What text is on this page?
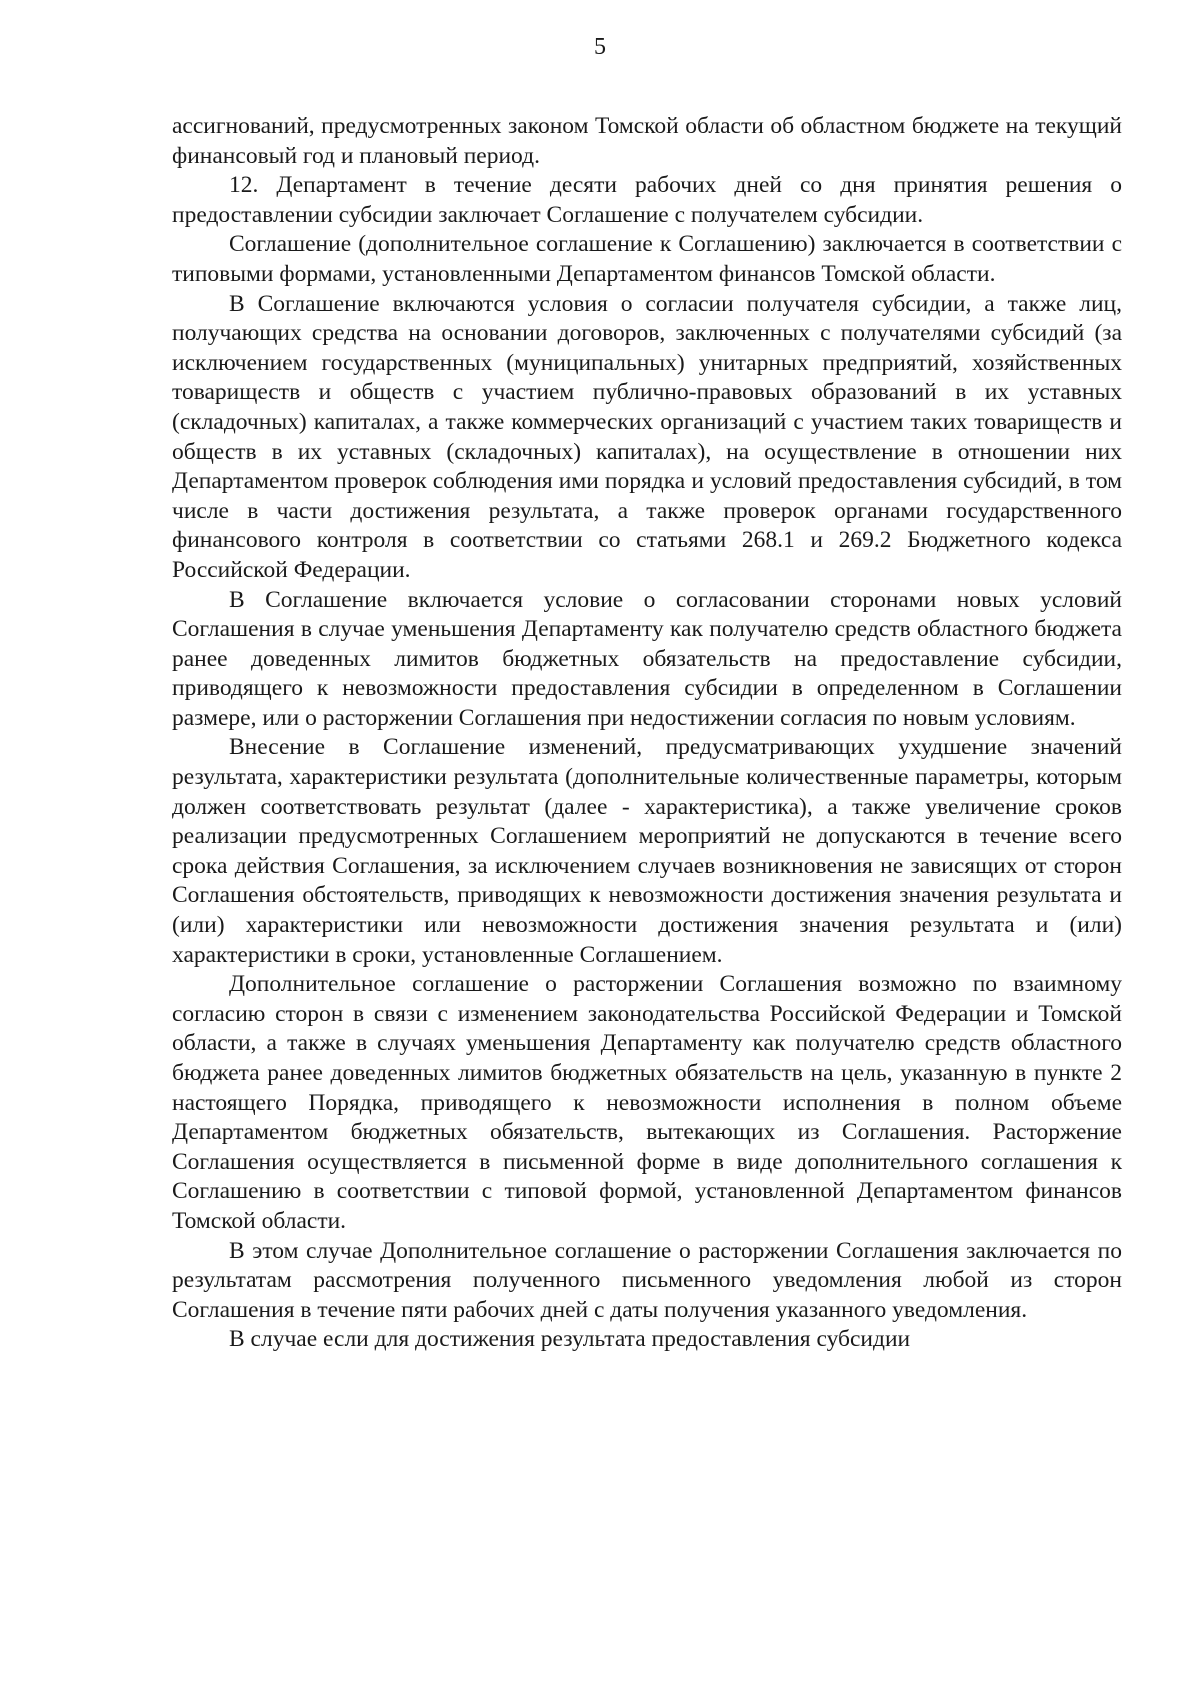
5

ассигнований, предусмотренных законом Томской области об областном бюджете на текущий финансовый год и плановый период.

12. Департамент в течение десяти рабочих дней со дня принятия решения о предоставлении субсидии заключает Соглашение с получателем субсидии.

Соглашение (дополнительное соглашение к Соглашению) заключается в соответствии с типовыми формами, установленными Департаментом финансов Томской области.

В Соглашение включаются условия о согласии получателя субсидии, а также лиц, получающих средства на основании договоров, заключенных с получателями субсидий (за исключением государственных (муниципальных) унитарных предприятий, хозяйственных товариществ и обществ с участием публично-правовых образований в их уставных (складочных) капиталах, а также коммерческих организаций с участием таких товариществ и обществ в их уставных (складочных) капиталах), на осуществление в отношении них Департаментом проверок соблюдения ими порядка и условий предоставления субсидий, в том числе в части достижения результата, а также проверок органами государственного финансового контроля в соответствии со статьями 268.1 и 269.2 Бюджетного кодекса Российской Федерации.

В Соглашение включается условие о согласовании сторонами новых условий Соглашения в случае уменьшения Департаменту как получателю средств областного бюджета ранее доведенных лимитов бюджетных обязательств на предоставление субсидии, приводящего к невозможности предоставления субсидии в определенном в Соглашении размере, или о расторжении Соглашения при недостижении согласия по новым условиям.

Внесение в Соглашение изменений, предусматривающих ухудшение значений результата, характеристики результата (дополнительные количественные параметры, которым должен соответствовать результат (далее - характеристика), а также увеличение сроков реализации предусмотренных Соглашением мероприятий не допускаются в течение всего срока действия Соглашения, за исключением случаев возникновения не зависящих от сторон Соглашения обстоятельств, приводящих к невозможности достижения значения результата и (или) характеристики или невозможности достижения значения результата и (или) характеристики в сроки, установленные Соглашением.

Дополнительное соглашение о расторжении Соглашения возможно по взаимному согласию сторон в связи с изменением законодательства Российской Федерации и Томской области, а также в случаях уменьшения Департаменту как получателю средств областного бюджета ранее доведенных лимитов бюджетных обязательств на цель, указанную в пункте 2 настоящего Порядка, приводящего к невозможности исполнения в полном объеме Департаментом бюджетных обязательств, вытекающих из Соглашения. Расторжение Соглашения осуществляется в письменной форме в виде дополнительного соглашения к Соглашению в соответствии с типовой формой, установленной Департаментом финансов Томской области.

В этом случае Дополнительное соглашение о расторжении Соглашения заключается по результатам рассмотрения полученного письменного уведомления любой из сторон Соглашения в течение пяти рабочих дней с даты получения указанного уведомления.

В случае если для достижения результата предоставления субсидии
